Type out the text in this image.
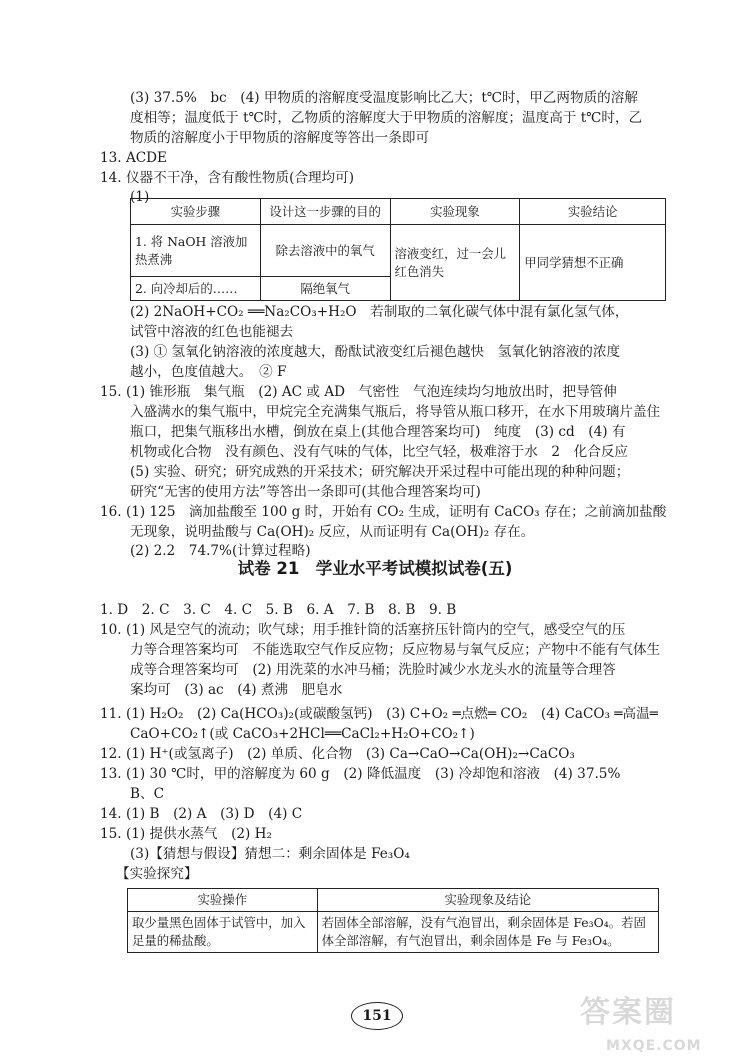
(3) 37.5%　bc　(4) 甲物质的溶解度受温度影响比乙大；t℃时，甲乙两物质的溶解
度相等；温度低于 t℃时，乙物质的溶解度大于甲物质的溶解度；温度高于 t℃时，乙
物质的溶解度小于甲物质的溶解度等答出一条即可
13. ACDE
14. 仪器不干净，含有酸性物质(合理均可)
(1)
实验步骤	设计这一步骤的目的	实验现象	实验结论
1. 将 NaOH 溶液加热煮沸	除去溶液中的氧气	溶液变红，过一会儿红色消失	甲同学猜想不正确
2. 向冷却后的……	隔绝氧气		
(2) 2NaOH+CO₂ ══Na₂CO₃+H₂O　若制取的二氧化碳气体中混有氯化氢气体，
试管中溶液的红色也能褪去
(3) ① 氢氧化钠溶液的浓度越大，酚酞试液变红后褪色越快　氢氧化钠溶液的浓度
越小，色度值越大。　② F
15. (1) 锥形瓶　集气瓶　(2) AC 或 AD　气密性　气泡连续均匀地放出时，把导管伸
入盛满水的集气瓶中，甲烷完全充满集气瓶后，将导管从瓶口移开，在水下用玻璃片盖住
瓶口，把集气瓶移出水槽，倒放在桌上(其他合理答案均可)　纯度　(3) cd　(4) 有
机物或化合物　没有颜色、没有气味的气体，比空气轻，极难溶于水　2　化合反应
(5) 实验、研究；研究成熟的开采技术；研究解决开采过程中可能出现的种种问题；
研究“无害的使用方法”等答出一条即可(其他合理答案均可)
16. (1) 125　滴加盐酸至 100 g 时，开始有 CO₂ 生成，证明有 CaCO₃ 存在；之前滴加盐酸
无现象，说明盐酸与 Ca(OH)₂ 反应，从而证明有 Ca(OH)₂ 存在。
(2) 2.2　74.7%(计算过程略)
试卷 21　学业水平考试模拟试卷(五)
1. D　2. C　3. C　4. C　5. B　6. A　7. B　8. B　9. B
10. (1) 风是空气的流动；吹气球；用手推针筒的活塞挤压针筒内的空气，感受空气的压
力等合理答案均可　不能选取空气作反应物；反应物易与氧气反应；产物中不能有气体生
成等合理答案均可　(2) 用洗菜的水冲马桶；洗脸时减少水龙头水的流量等合理答
案均可　(3) ac　(4) 煮沸　肥皂水
11. (1) H₂O₂　(2) Ca(HCO₃)₂(或碳酸氢钙)　(3) C+O₂ ═点燃═ CO₂　(4) CaCO₃ ═高温═
CaO+CO₂↑(或 CaCO₃+2HCl══CaCl₂+H₂O+CO₂↑)
12. (1) H⁺(或氢离子)　(2) 单质、化合物　(3) Ca→CaO→Ca(OH)₂→CaCO₃
13. (1) 30 ℃时，甲的溶解度为 60 g　(2) 降低温度　(3) 冷却饱和溶液　(4) 37.5%
B、C
14. (1) B　(2) A　(3) D　(4) C
15. (1) 提供水蒸气　(2) H₂
(3)【猜想与假设】猜想二：剩余固体是 Fe₃O₄
【实验探究】
实验操作	实验现象及结论
取少量黑色固体于试管中，加入足量的稀盐酸。	若固体全部溶解，没有气泡冒出，剩余固体是 Fe₃O₄。若固体全部溶解，有气泡冒出，剩余固体是 Fe 与 Fe₃O₄。
151	答案圈
MXQE.COM
